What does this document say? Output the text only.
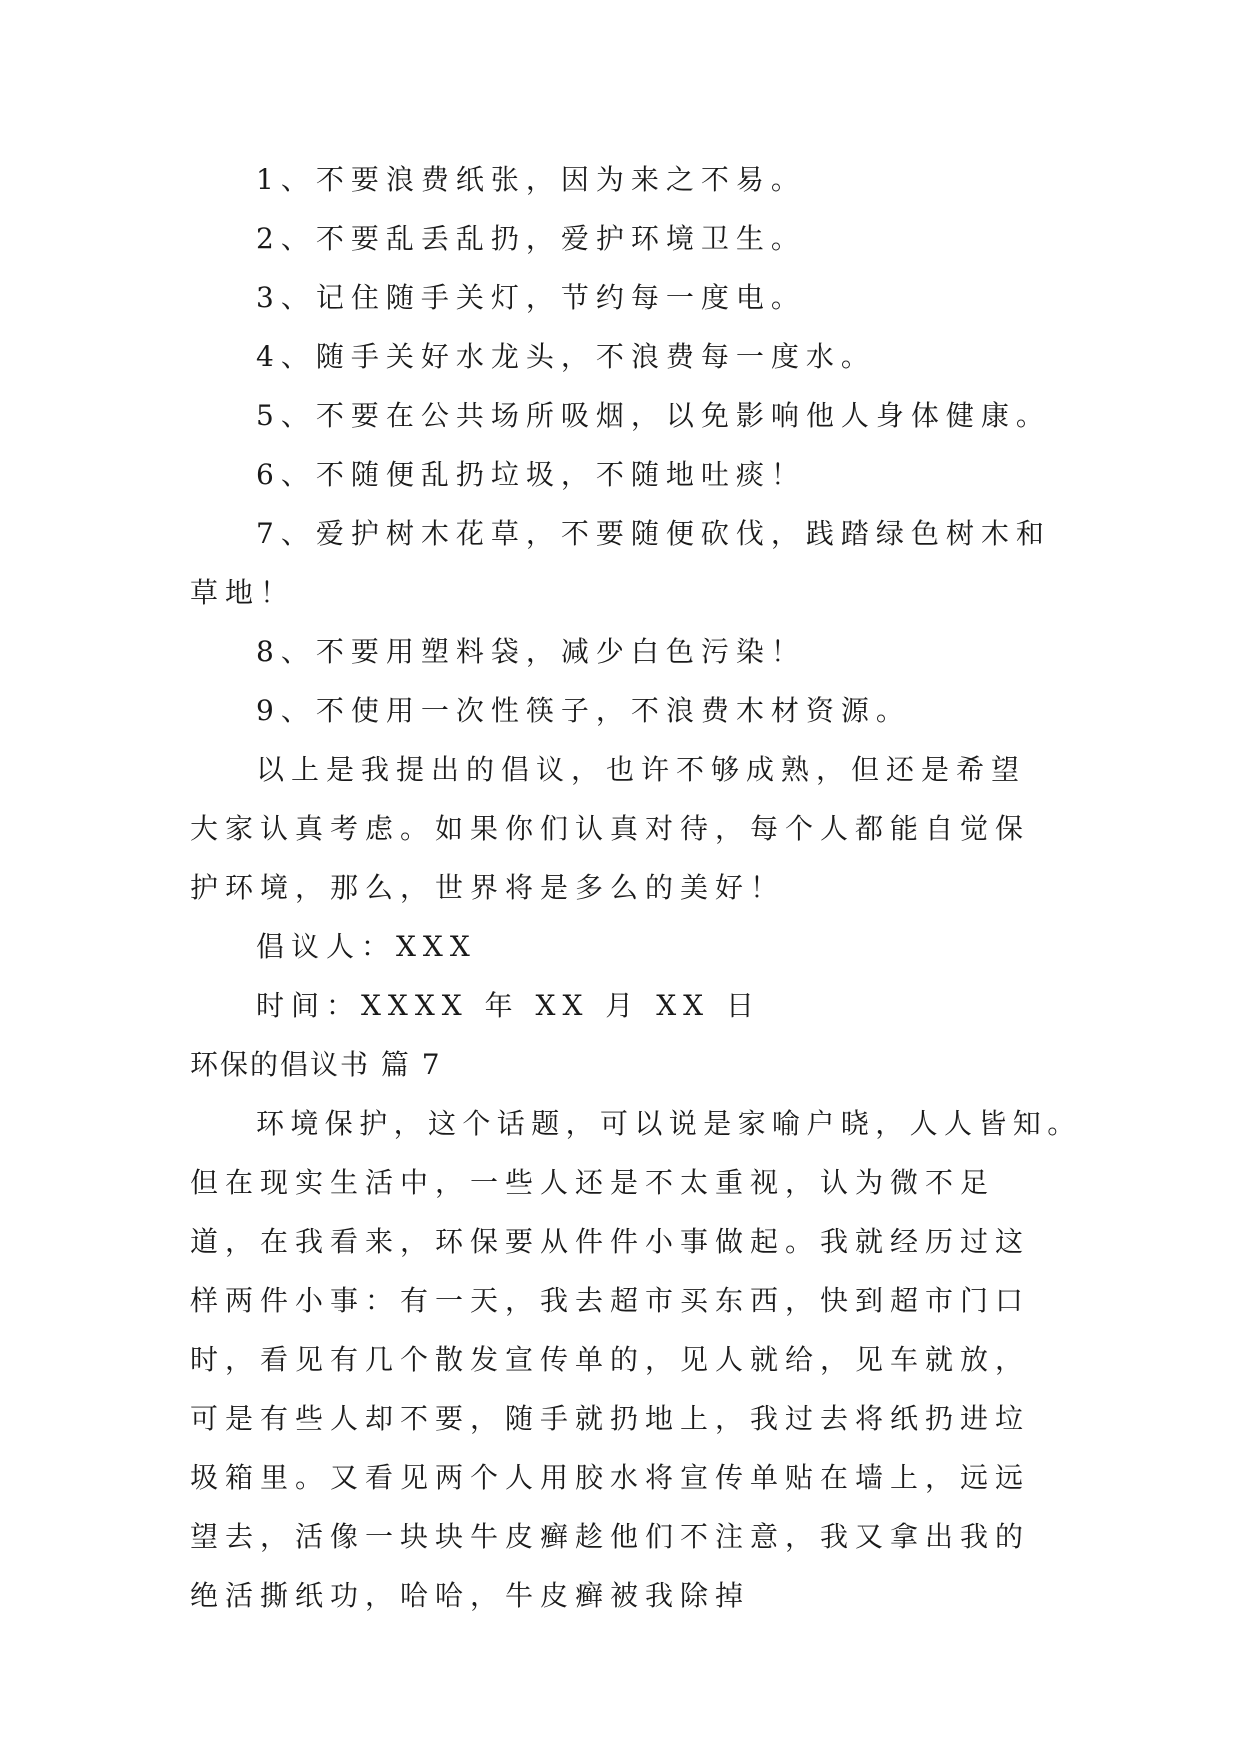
1、不要浪费纸张，因为来之不易。

2、不要乱丢乱扔，爱护环境卫生。

3、记住随手关灯，节约每一度电。

4、随手关好水龙头，不浪费每一度水。

5、不要在公共场所吸烟，以免影响他人身体健康。

6、不随便乱扔垃圾，不随地吐痰！

7、爱护树木花草，不要随便砍伐，践踏绿色树木和草地！

8、不要用塑料袋，减少白色污染！

9、不使用一次性筷子，不浪费木材资源。

以上是我提出的倡议，也许不够成熟，但还是希望大家认真考虑。如果你们认真对待，每个人都能自觉保护环境，那么，世界将是多么的美好！

倡议人：XXX

时间：XXXX 年 XX 月 XX 日

环保的倡议书 篇 7

环境保护，这个话题，可以说是家喻户晓，人人皆知。

但在现实生活中，一些人还是不太重视，认为微不足道，在我看来，环保要从件件小事做起。我就经历过这样两件小事：有一天，我去超市买东西，快到超市门口时，看见有几个散发宣传单的，见人就给，见车就放，可是有些人却不要，随手就扔地上，我过去将纸扔进垃圾箱里。又看见两个人用胶水将宣传单贴在墙上，远远望去，活像一块块牛皮癣趁他们不注意，我又拿出我的绝活撕纸功，哈哈，牛皮癣被我除掉
